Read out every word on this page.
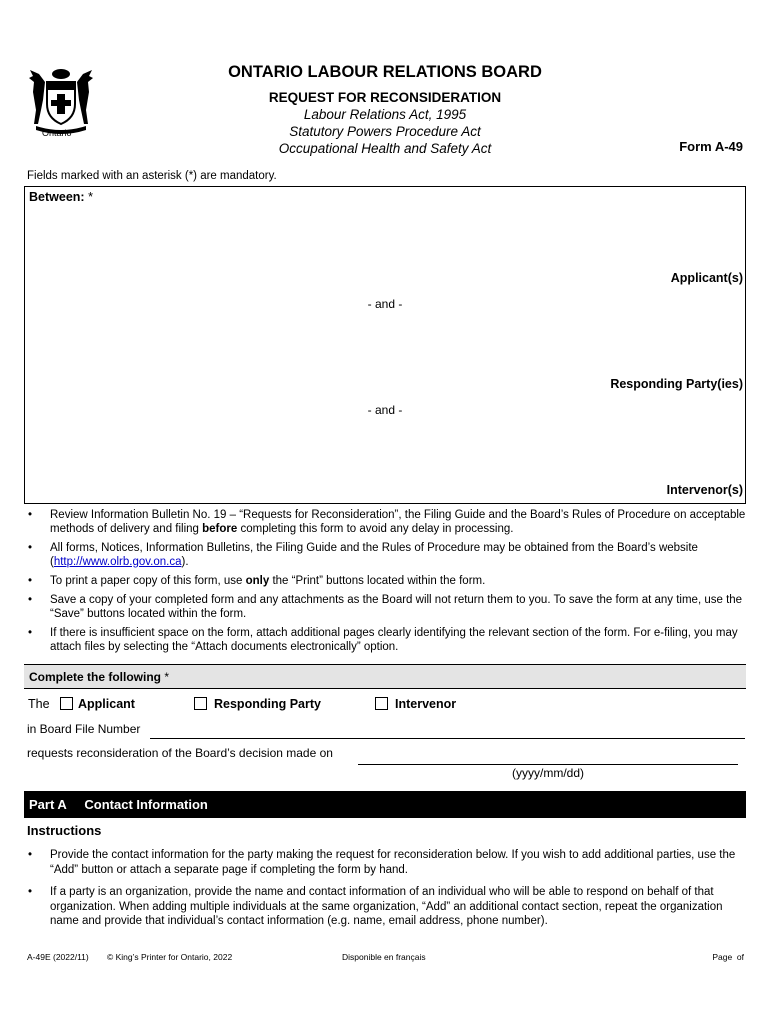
Ontario
ONTARIO LABOUR RELATIONS BOARD
REQUEST FOR RECONSIDERATION
Labour Relations Act, 1995
Statutory Powers Procedure Act
Occupational Health and Safety Act	Form A-49
Fields marked with an asterisk (*) are mandatory.
Between: *
Applicant(s)
- and -
Responding Party(ies)
- and -
Intervenor(s)
• Review Information Bulletin No. 19 – “Requests for Reconsideration”, the Filing Guide and the Board’s Rules of Procedure on acceptable methods of delivery and filing before completing this form to avoid any delay in processing.
• All forms, Notices, Information Bulletins, the Filing Guide and the Rules of Procedure may be obtained from the Board’s website (http://www.olrb.gov.on.ca).
• To print a paper copy of this form, use only the “Print” buttons located within the form.
• Save a copy of your completed form and any attachments as the Board will not return them to you. To save the form at any time, use the “Save” buttons located within the form.
• If there is insufficient space on the form, attach additional pages clearly identifying the relevant section of the form. For e-filing, you may attach files by selecting the “Attach documents electronically” option.
Complete the following *
The Applicant	Responding Party	Intervenor
in Board File Number
requests reconsideration of the Board’s decision made on
(yyyy/mm/dd)
Part A     Contact Information
Instructions
• Provide the contact information for the party making the request for reconsideration below. If you wish to add additional parties, use the “Add” button or attach a separate page if completing the form by hand.
• If a party is an organization, provide the name and contact information of an individual who will be able to respond on behalf of that organization. When adding multiple individuals at the same organization, “Add” an additional contact section, repeat the organization name and provide that individual’s contact information (e.g. name, email address, phone number).
A-49E (2022/11) © King’s Printer for Ontario, 2022	Disponible en français	Page  of
